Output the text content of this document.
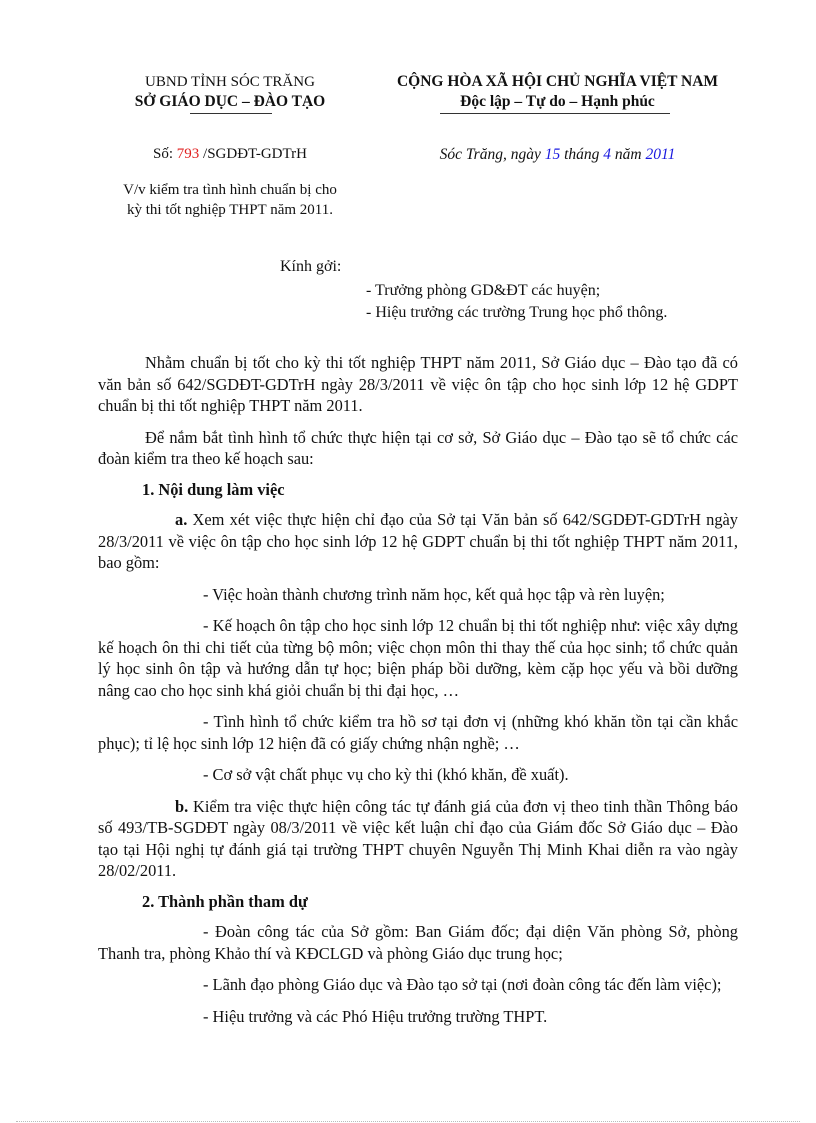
UBND TỈNH SÓC TRĂNG
SỞ GIÁO DỤC – ĐÀO TẠO
CỘNG HÒA XÃ HỘI CHỦ NGHĨA VIỆT NAM
Độc lập – Tự do – Hạnh phúc
Số: 793 /SGDĐT-GDTrH	Sóc Trăng, ngày 15 tháng 4 năm 2011
V/v kiểm tra tình hình chuẩn bị cho
kỳ thi tốt nghiệp THPT năm 2011.
Kính gởi:
- Trưởng phòng GD&ĐT các huyện;
- Hiệu trưởng các trường Trung học phổ thông.

Nhằm chuẩn bị tốt cho kỳ thi tốt nghiệp THPT năm 2011, Sở Giáo dục – Đào tạo đã có văn bản số 642/SGDĐT-GDTrH ngày 28/3/2011 về việc ôn tập cho học sinh lớp 12 hệ GDPT chuẩn bị thi tốt nghiệp THPT năm 2011.

Để nắm bắt tình hình tổ chức thực hiện tại cơ sở, Sở Giáo dục – Đào tạo sẽ tổ chức các đoàn kiểm tra theo kế hoạch sau:

1. Nội dung làm việc

a. Xem xét việc thực hiện chỉ đạo của Sở tại Văn bản số 642/SGDĐT-GDTrH ngày 28/3/2011 về việc ôn tập cho học sinh lớp 12 hệ GDPT chuẩn bị thi tốt nghiệp THPT năm 2011, bao gồm:

- Việc hoàn thành chương trình năm học, kết quả học tập và rèn luyện;

- Kế hoạch ôn tập cho học sinh lớp 12 chuẩn bị thi tốt nghiệp như: việc xây dựng kế hoạch ôn thi chi tiết của từng bộ môn; việc chọn môn thi thay thế của học sinh; tổ chức quản lý học sinh ôn tập và hướng dẫn tự học; biện pháp bồi dưỡng, kèm cặp học yếu và bồi dưỡng nâng cao cho học sinh khá giỏi chuẩn bị thi đại học, …

- Tình hình tổ chức kiểm tra hồ sơ tại đơn vị (những khó khăn tồn tại cần khắc phục); tỉ lệ học sinh lớp 12 hiện đã có giấy chứng nhận nghề; …

- Cơ sở vật chất phục vụ cho kỳ thi (khó khăn, đề xuất).

b. Kiểm tra việc thực hiện công tác tự đánh giá của đơn vị theo tinh thần Thông báo số 493/TB-SGDĐT ngày 08/3/2011 về việc kết luận chỉ đạo của Giám đốc Sở Giáo dục – Đào tạo tại Hội nghị tự đánh giá tại trường THPT chuyên Nguyễn Thị Minh Khai diễn ra vào ngày 28/02/2011.

2. Thành phần tham dự

- Đoàn công tác của Sở gồm: Ban Giám đốc; đại diện Văn phòng Sở, phòng Thanh tra, phòng Khảo thí và KĐCLGD và phòng Giáo dục trung học;

- Lãnh đạo phòng Giáo dục và Đào tạo sở tại (nơi đoàn công tác đến làm việc);

- Hiệu trưởng và các Phó Hiệu trưởng trường THPT.
